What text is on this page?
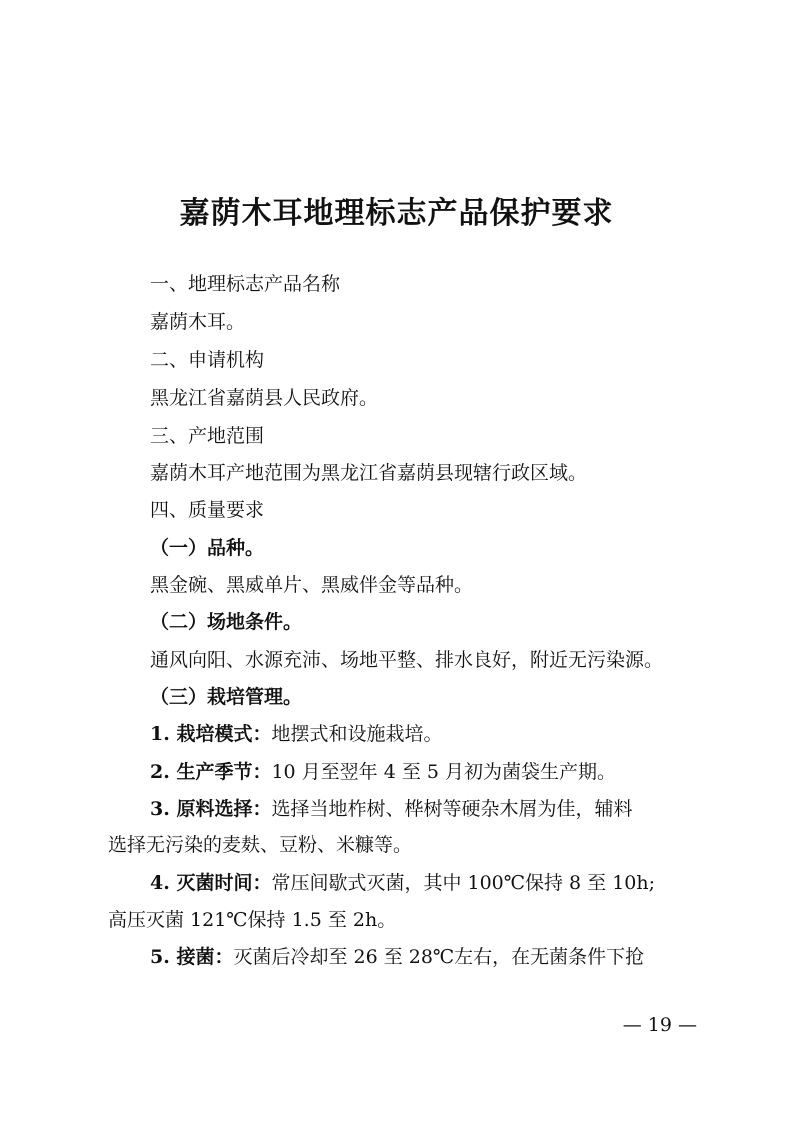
嘉荫木耳地理标志产品保护要求
一、地理标志产品名称
嘉荫木耳。
二、申请机构
黑龙江省嘉荫县人民政府。
三、产地范围
嘉荫木耳产地范围为黑龙江省嘉荫县现辖行政区域。
四、质量要求
（一）品种。
黑金碗、黑威单片、黑威伴金等品种。
（二）场地条件。
通风向阳、水源充沛、场地平整、排水良好，附近无污染源。
（三）栽培管理。
1. 栽培模式：地摆式和设施栽培。
2. 生产季节：10 月至翌年 4 至 5 月初为菌袋生产期。
3. 原料选择：选择当地柞树、桦树等硬杂木屑为佳，辅料
选择无污染的麦麸、豆粉、米糠等。
4. 灭菌时间：常压间歇式灭菌，其中 100℃保持 8 至 10h;
高压灭菌 121℃保持 1.5 至 2h。
5. 接菌：灭菌后冷却至 26 至 28℃左右，在无菌条件下抢
— 19 —
